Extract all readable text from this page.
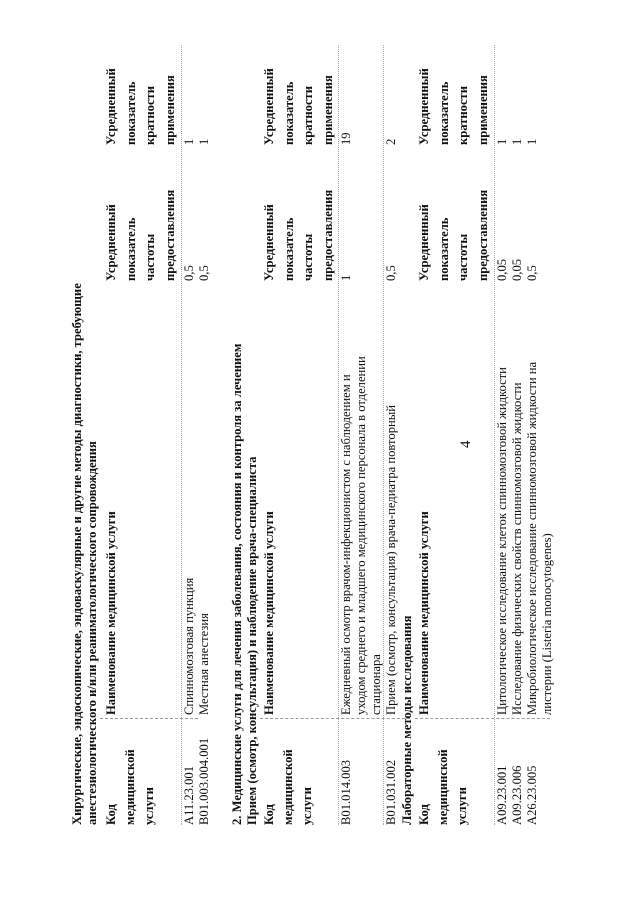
4
Хирургические, эндоскопические, эндоваскулярные и другие методы диагностики, требующие анестезиологического и/или реаниматологического сопровождения Код медицинской услуги
Наименование медицинской услуги
Усредненный показатель частоты предоставления
Усредненный показатель кратности применения
A11.23.001
Спинномозговая пункция
0,5
1
B01.003.004.001
Местная анестезия
0,5
1
2. Медицинские услуги для лечения заболевания, состояния и контроля за лечением Прием (осмотр, консультация) и наблюдение врача-специалиста Код медицинской услуги
Наименование медицинской услуги
Усредненный показатель частоты предоставления
Усредненный показатель кратности применения
B01.014.003
Ежедневный осмотр врачом-инфекционистом с наблюдением и уходом среднего и младшего медицинского персонала в отделении стационара
1
19
B01.031.002
Прием (осмотр, консультация) врача-педиатра повторный
0,5
2
Лабораторные методы исследования Код медицинской услуги
Наименование медицинской услуги
Усредненный показатель частоты предоставления
Усредненный показатель кратности применения
A09.23.001
Цитологическое исследование клеток спинномозговой жидкости
0,05
1
A09.23.006
Исследование физических свойств спинномозговой жидкости
0,05
1
A26.23.005
Микробиологическое исследование спинномозговой жидкости на листерии (Listeria monocytogenes)
0,5
1
